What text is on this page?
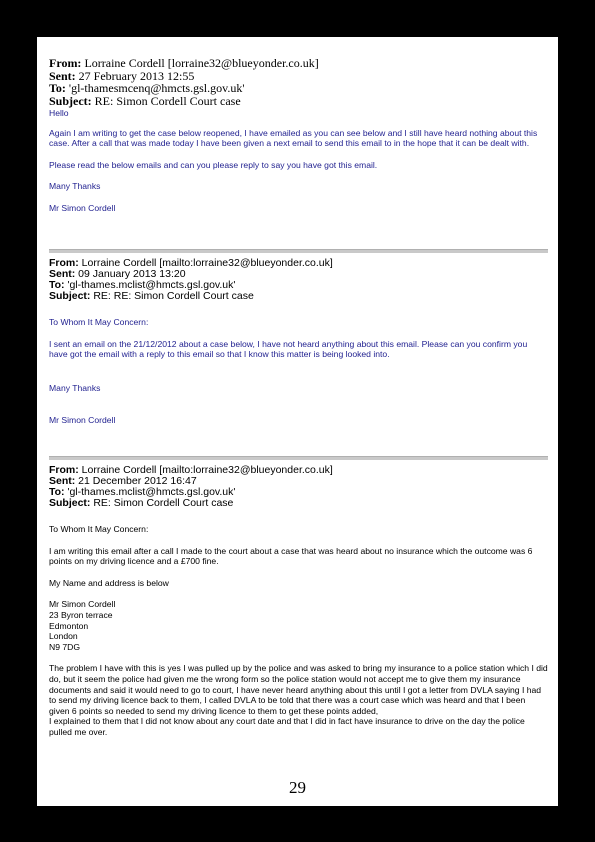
From: Lorraine Cordell [lorraine32@blueyonder.co.uk]
Sent: 27 February 2013 12:55
To: 'gl-thamesmcenq@hmcts.gsl.gov.uk'
Subject: RE: Simon Cordell Court case

Hello

Again I am writing to get the case below reopened, I have emailed as you can see below and I still have heard nothing about this case. After a call that was made today I have been given a next email to send this email to in the hope that it can be dealt with.

Please read the below emails and can you please reply to say you have got this email.

Many Thanks

Mr Simon Cordell

From: Lorraine Cordell [mailto:lorraine32@blueyonder.co.uk]
Sent: 09 January 2013 13:20
To: 'gl-thames.mclist@hmcts.gsl.gov.uk'
Subject: RE: RE: Simon Cordell Court case

To Whom It May Concern:

I sent an email on the 21/12/2012 about a case below, I have not heard anything about this email. Please can you confirm you have got the email with a reply to this email so that I know this matter is being looked into.

Many Thanks

Mr Simon Cordell

From: Lorraine Cordell [mailto:lorraine32@blueyonder.co.uk]
Sent: 21 December 2012 16:47
To: 'gl-thames.mclist@hmcts.gsl.gov.uk'
Subject: RE: Simon Cordell Court case

To Whom It May Concern:

I am writing this email after a call I made to the court about a case that was heard about no insurance which the outcome was 6 points on my driving licence and a £700 fine.

My Name and address is below

Mr Simon Cordell

23 Byron terrace

Edmonton

London

N9 7DG

The problem I have with this is yes I was pulled up by the police and was asked to bring my insurance to a police station which I did do, but it seem the police had given me the wrong form so the police station would not accept me to give them my insurance documents and said it would need to go to court, I have never heard anything about this until I got a letter from DVLA saying I had to send my driving licence back to them, I called DVLA to be told that there was a court case which was heard and that I been given 6 points so needed to send my driving licence to them to get these points added,

I explained to them that I did not know about any court date and that I did in fact have insurance to drive on the day the police pulled me over.

29
